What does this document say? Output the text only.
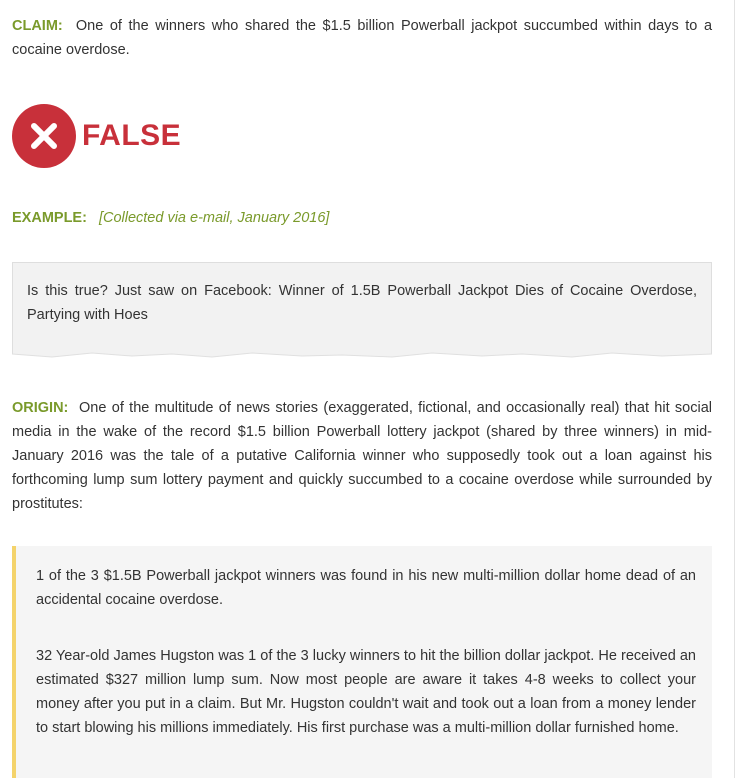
CLAIM: One of the winners who shared the $1.5 billion Powerball jackpot succumbed within days to a cocaine overdose.

FALSE

EXAMPLE: [Collected via e-mail, January 2016]

Is this true? Just saw on Facebook: Winner of 1.5B Powerball Jackpot Dies of Cocaine Overdose, Partying with Hoes

ORIGIN: One of the multitude of news stories (exaggerated, fictional, and occasionally real) that hit social media in the wake of the record $1.5 billion Powerball lottery jackpot (shared by three winners) in mid-January 2016 was the tale of a putative California winner who supposedly took out a loan against his forthcoming lump sum lottery payment and quickly succumbed to a cocaine overdose while surrounded by prostitutes:

1 of the 3 $1.5B Powerball jackpot winners was found in his new multi-million dollar home dead of an accidental cocaine overdose.

32 Year-old James Hugston was 1 of the 3 lucky winners to hit the billion dollar jackpot. He received an estimated $327 million lump sum. Now most people are aware it takes 4-8 weeks to collect your money after you put in a claim. But Mr. Hugston couldn't wait and took out a loan from a money lender to start blowing his millions immediately. His first purchase was a multi-million dollar furnished home.
